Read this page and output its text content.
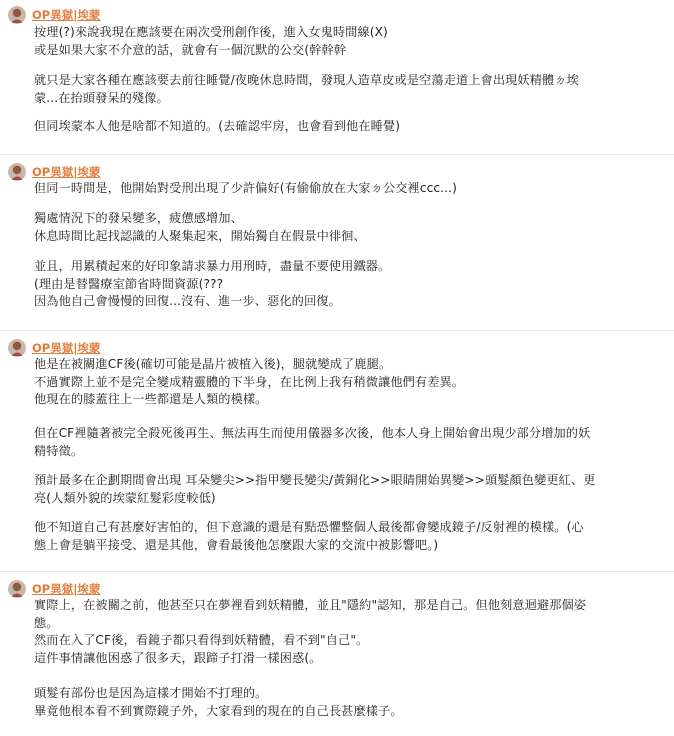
OP異獄|埃蒙
按理(?)來說我現在應該要在兩次受刑創作後，進入女鬼時間線(X)
或是如果大家不介意的話，就會有一個沉默的公交(幹幹幹
就只是大家各種在應該要去前往睡覺/夜晚休息時間，發現人造草皮或是空蕩走道上會出現妖精體ㄉ埃
蒙...在抬頭發呆的殘像。
但同埃蒙本人他是啥都不知道的。(去確認牢房，也會看到他在睡覺)
OP異獄|埃蒙
但同一時間是，他開始對受刑出現了少許偏好(有偷偷放在大家ㄉ公交裡ccc...)
獨處情況下的發呆變多，疲憊感增加、
休息時間比起找認識的人聚集起來，開始獨自在假景中徘徊、
並且，用累積起來的好印象請求暴力用刑時，盡量不要使用鐵器。
(理由是替醫療室節省時間資源(???
因為他自己會慢慢的回復...沒有、進一步、惡化的回復。
OP異獄|埃蒙
他是在被關進CF後(確切可能是晶片被植入後)，腿就變成了鹿腿。
不過實際上並不是完全變成精靈體的下半身，在比例上我有稍微讓他們有差異。
他現在的膝蓋往上一些都還是人類的模樣。
但在CF裡隨著被完全殺死後再生、無法再生而使用儀器多次後，他本人身上開始會出現少部分增加的妖
精特徵。
預計最多在企劃期間會出現 耳朵變尖>>指甲變長變尖/黃銅化>>眼睛開始異變>>頭髮顏色變更紅、更
亮(人類外貌的埃蒙紅髮彩度較低)
他不知道自己有甚麼好害怕的，但下意識的還是有點恐懼整個人最後都會變成鏡子/反射裡的模樣。(心
態上會是躺平接受、還是其他，會看最後他怎麼跟大家的交流中被影響吧。)
OP異獄|埃蒙
實際上，在被關之前，他甚至只在夢裡看到妖精體，並且"隱約"認知，那是自己。但他刻意迴避那個姿
態。
然而在入了CF後，看鏡子都只看得到妖精體，看不到"自己"。
這件事情讓他困惑了很多天，跟蹄子打滑一樣困惑(。
頭髮有部份也是因為這樣才開始不打理的。
畢竟他根本看不到實際鏡子外，大家看到的現在的自己長甚麼樣子。
